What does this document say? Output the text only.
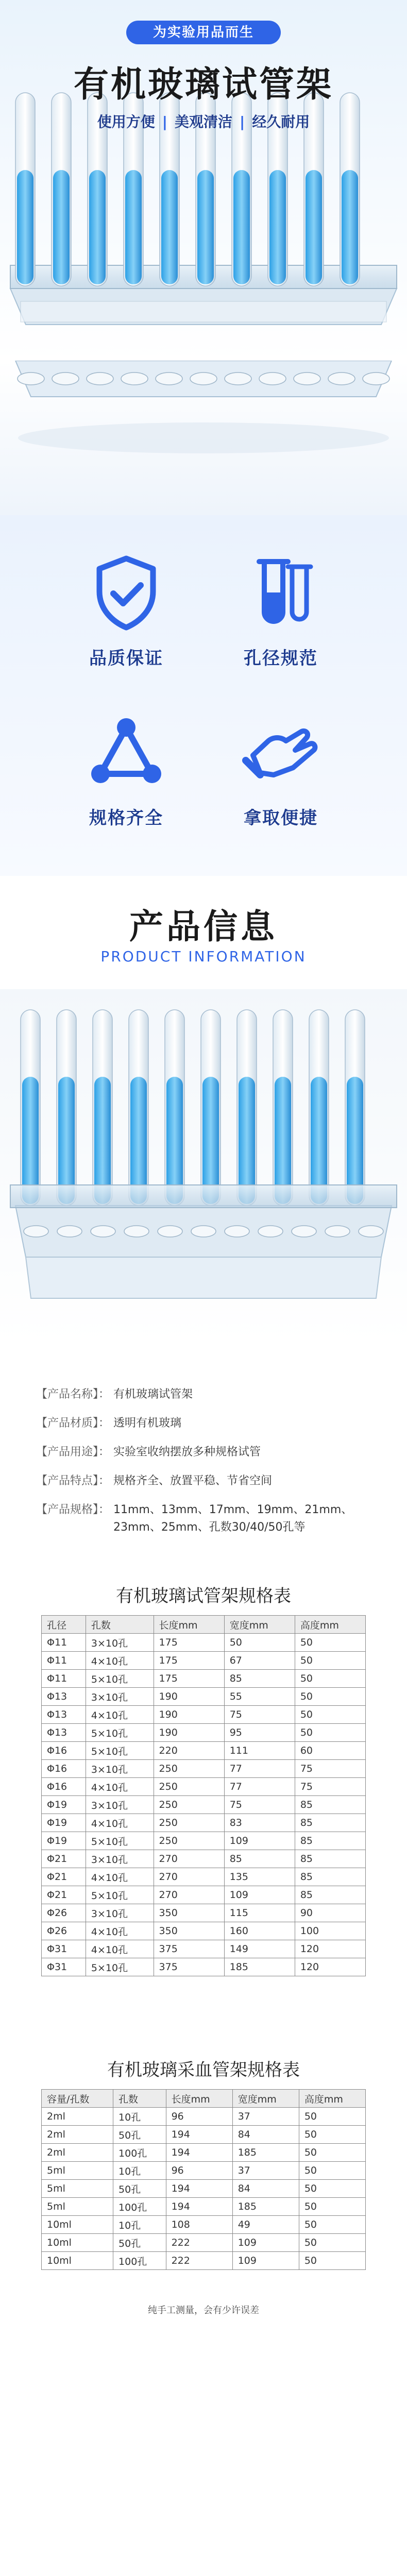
为实验用品而生
有机玻璃试管架
使用方便 | 美观清洁 | 经久耐用
品质保证	孔径规范
规格齐全	拿取便捷
产品信息
PRODUCT INFORMATION
【产品名称】： 有机玻璃试管架
【产品材质】： 透明有机玻璃
【产品用途】： 实验室收纳摆放多种规格试管
【产品特点】： 规格齐全、放置平稳、节省空间
【产品规格】： 11mm、13mm、17mm、19mm、21mm、23mm、25mm、孔数30/40/50孔等
有机玻璃试管架规格表
孔径	孔数	长度mm	宽度mm	高度mm
Φ11	3×10孔	175	50	50
Φ11	4×10孔	175	67	50
Φ11	5×10孔	175	85	50
Φ13	3×10孔	190	55	50
Φ13	4×10孔	190	75	50
Φ13	5×10孔	190	95	50
Φ16	5×10孔	220	111	60
Φ16	3×10孔	250	77	75
Φ16	4×10孔	250	77	75
Φ19	3×10孔	250	75	85
Φ19	4×10孔	250	83	85
Φ19	5×10孔	250	109	85
Φ21	3×10孔	270	85	85
Φ21	4×10孔	270	135	85
Φ21	5×10孔	270	109	85
Φ26	3×10孔	350	115	90
Φ26	4×10孔	350	160	100
Φ31	4×10孔	375	149	120
Φ31	5×10孔	375	185	120
有机玻璃采血管架规格表
容量/孔数	孔数	长度mm	宽度mm	高度mm
2ml	10孔	96	37	50
2ml	50孔	194	84	50
2ml	100孔	194	185	50
5ml	10孔	96	37	50
5ml	50孔	194	84	50
5ml	100孔	194	185	50
10ml	10孔	108	49	50
10ml	50孔	222	109	50
10ml	100孔	222	109	50
纯手工测量，会有少许误差
